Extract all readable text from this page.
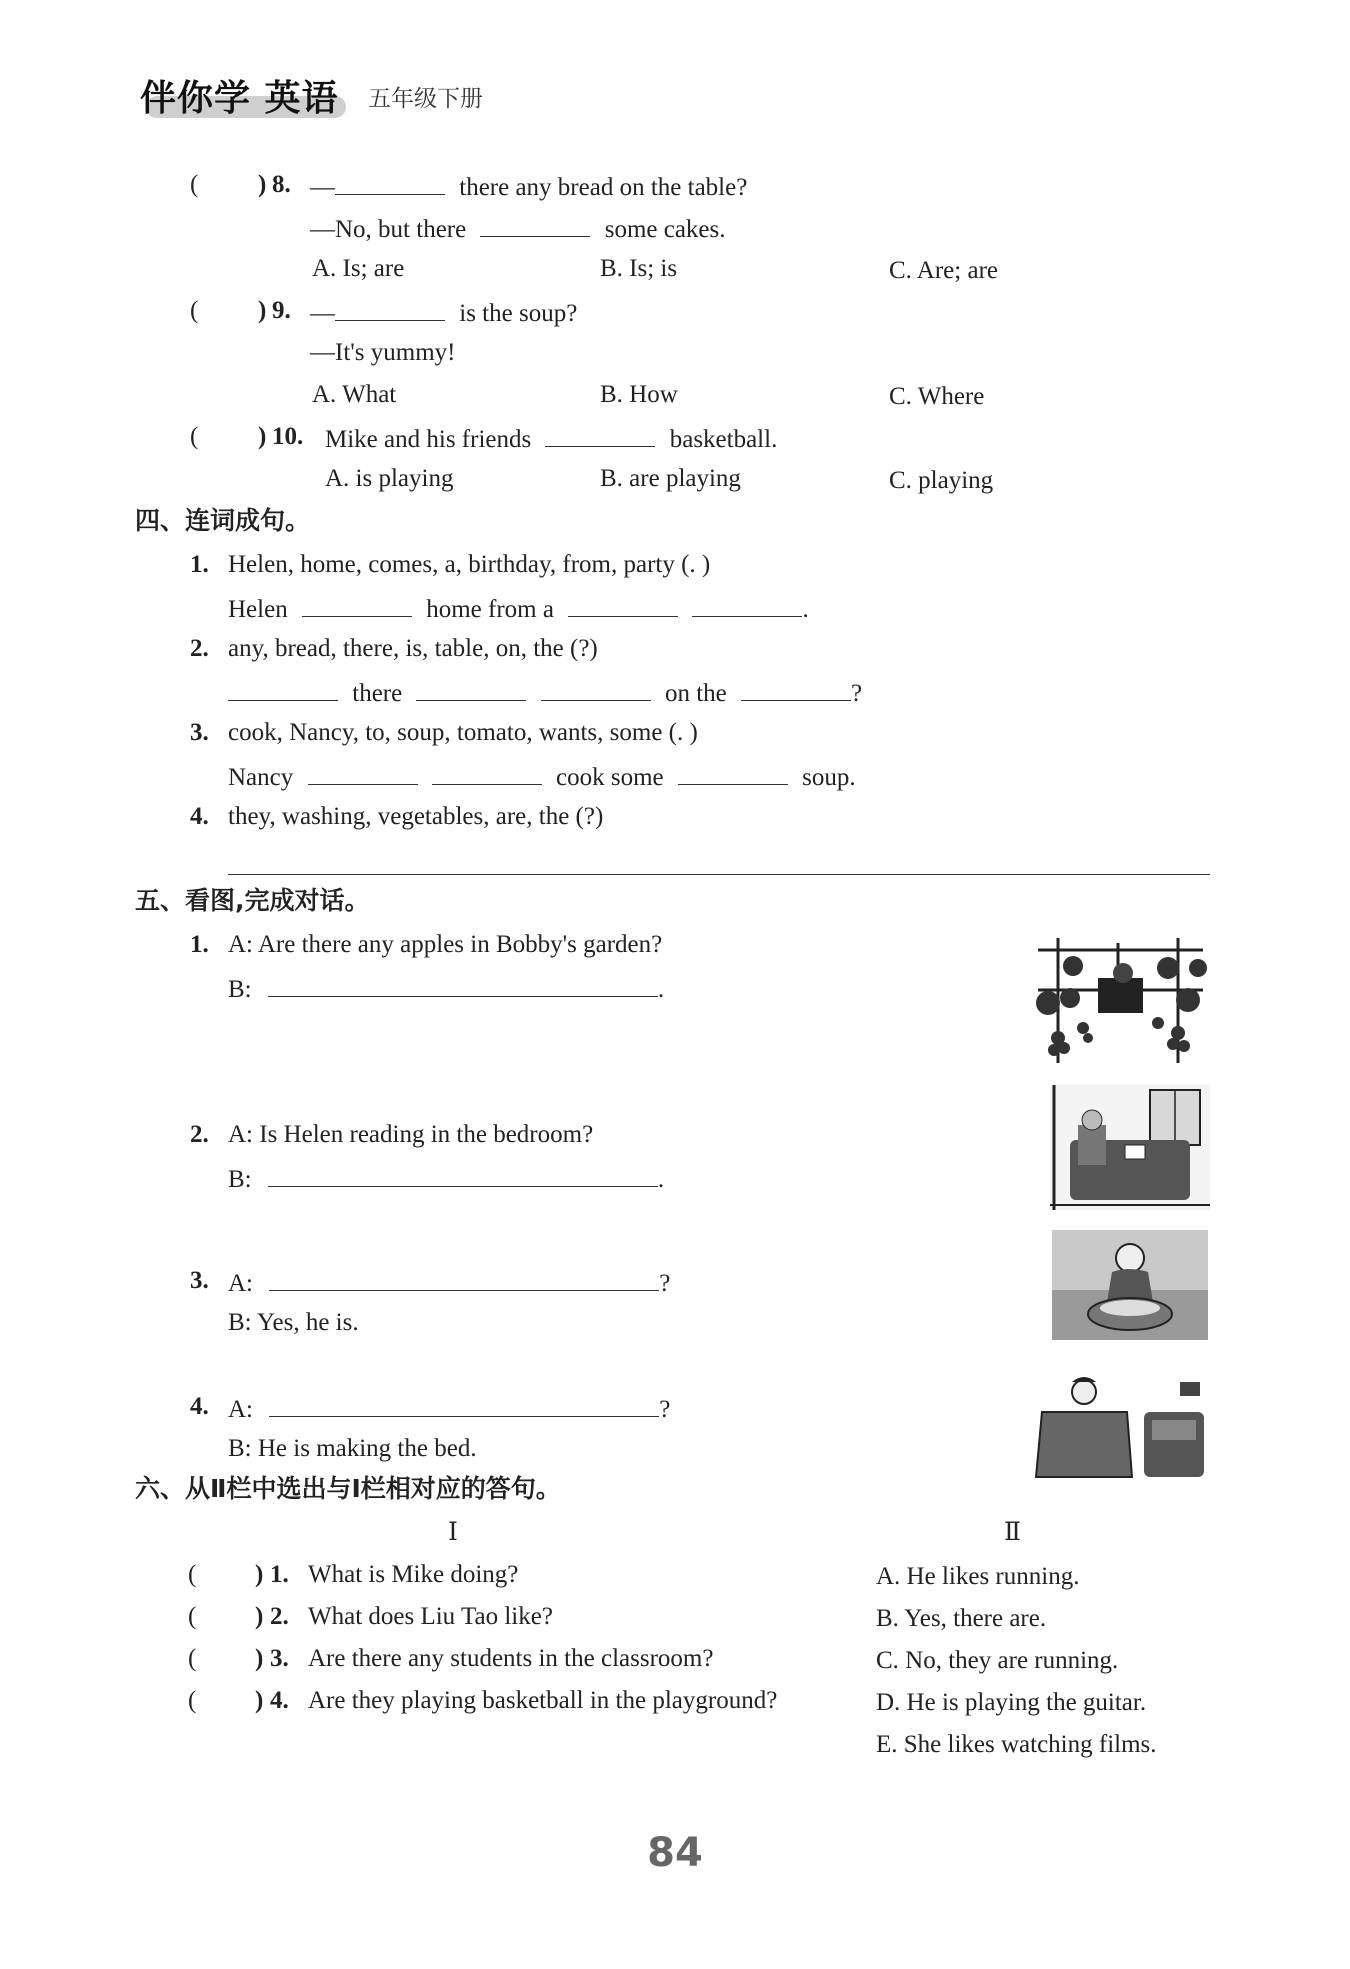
伴你学 英语 五年级下册
( ) 8. —	there any bread on the table?
—No, but there	some cakes.
A. Is; are	B. Is; is	C. Are; are
( ) 9. —	is the soup?
—It's yummy!
A. What	B. How	C. Where
( ) 10. Mike and his friends	basketball.
A. is playing	B. are playing	C. playing
四、连词成句。
1. Helen, home, comes, a, birthday, from, party (. )
Helen	home from a	.
2. any, bread, there, is, table, on, the (?)
there	on the	?
3. cook, Nancy, to, soup, tomato, wants, some (. )
Nancy	cook some	soup.
4. they, washing, vegetables, are, the (?)
五、看图,完成对话。
1. A: Are there any apples in Bobby's garden?
B:	.
2. A: Is Helen reading in the bedroom?
B:	.
3. A:	?
B: Yes, he is.
4. A:	?
B: He is making the bed.
六、从Ⅱ栏中选出与Ⅰ栏相对应的答句。
Ⅰ	Ⅱ
( ) 1. What is Mike doing?
( ) 2. What does Liu Tao like?
( ) 3. Are there any students in the classroom?
( ) 4. Are they playing basketball in the playground?
A. He likes running.
B. Yes, there are.
C. No, they are running.
D. He is playing the guitar.
E. She likes watching films.
84
